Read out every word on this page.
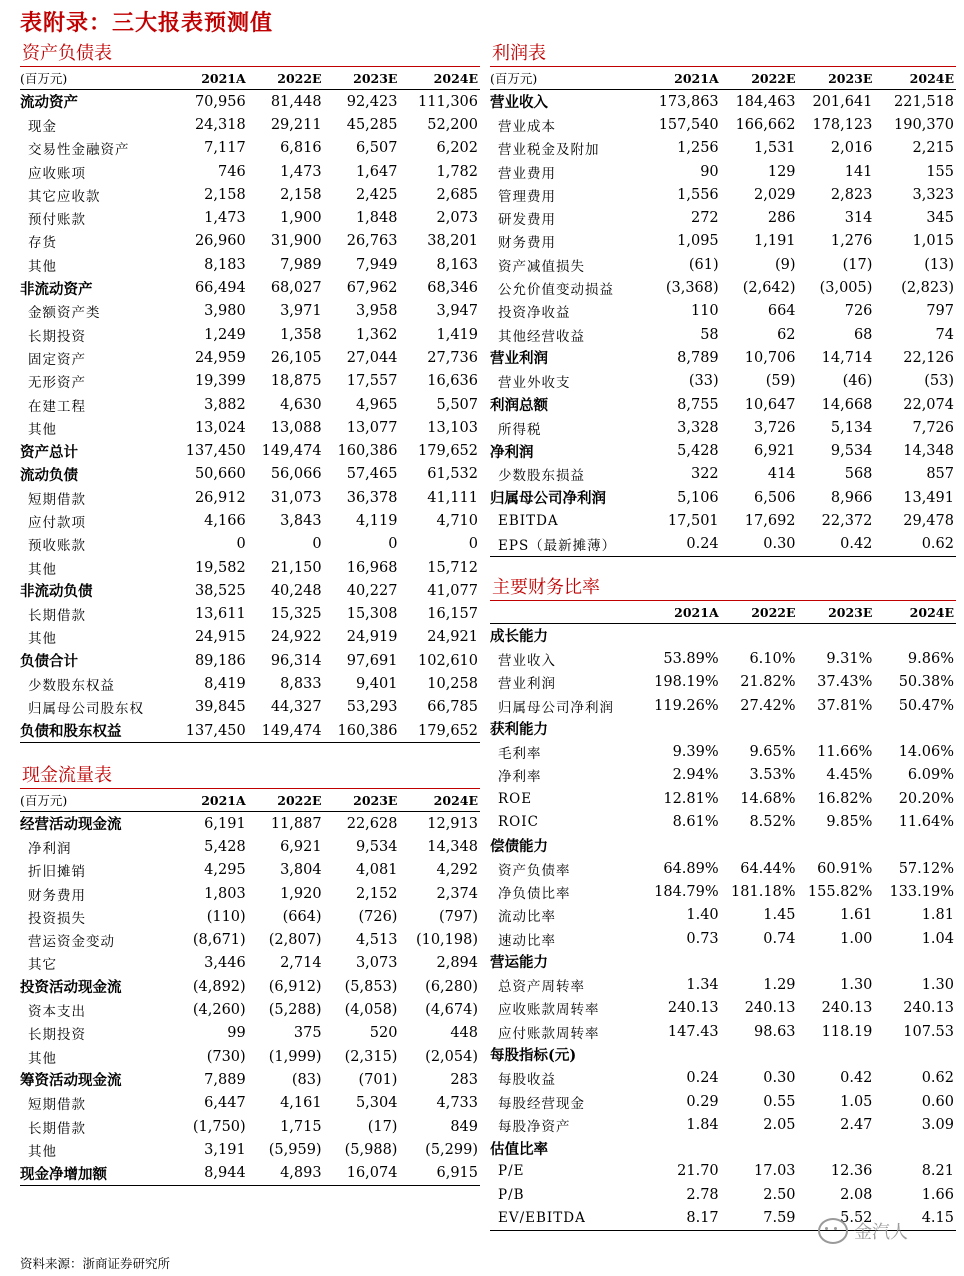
表附录：三大报表预测值
资产负债表
(百万元)	2021A	2022E	2023E	2024E
流动资产	70,956	81,448	92,423	111,306
现金	24,318	29,211	45,285	52,200
交易性金融资产	7,117	6,816	6,507	6,202
应收账项	746	1,473	1,647	1,782
其它应收款	2,158	2,158	2,425	2,685
预付账款	1,473	1,900	1,848	2,073
存货	26,960	31,900	26,763	38,201
其他	8,183	7,989	7,949	8,163
非流动资产	66,494	68,027	67,962	68,346
金额资产类	3,980	3,971	3,958	3,947
长期投资	1,249	1,358	1,362	1,419
固定资产	24,959	26,105	27,044	27,736
无形资产	19,399	18,875	17,557	16,636
在建工程	3,882	4,630	4,965	5,507
其他	13,024	13,088	13,077	13,103
资产总计	137,450	149,474	160,386	179,652
流动负债	50,660	56,066	57,465	61,532
短期借款	26,912	31,073	36,378	41,111
应付款项	4,166	3,843	4,119	4,710
预收账款	0	0	0	0
其他	19,582	21,150	16,968	15,712
非流动负债	38,525	40,248	40,227	41,077
长期借款	13,611	15,325	15,308	16,157
其他	24,915	24,922	24,919	24,921
负债合计	89,186	96,314	97,691	102,610
少数股东权益	8,419	8,833	9,401	10,258
归属母公司股东权	39,845	44,327	53,293	66,785
负债和股东权益	137,450	149,474	160,386	179,652
现金流量表
(百万元)	2021A	2022E	2023E	2024E
经营活动现金流	6,191	11,887	22,628	12,913
净利润	5,428	6,921	9,534	14,348
折旧摊销	4,295	3,804	4,081	4,292
财务费用	1,803	1,920	2,152	2,374
投资损失	(110)	(664)	(726)	(797)
营运资金变动	(8,671)	(2,807)	4,513	(10,198)
其它	3,446	2,714	3,073	2,894
投资活动现金流	(4,892)	(6,912)	(5,853)	(6,280)
资本支出	(4,260)	(5,288)	(4,058)	(4,674)
长期投资	99	375	520	448
其他	(730)	(1,999)	(2,315)	(2,054)
筹资活动现金流	7,889	(83)	(701)	283
短期借款	6,447	4,161	5,304	4,733
长期借款	(1,750)	1,715	(17)	849
其他	3,191	(5,959)	(5,988)	(5,299)
现金净增加额	8,944	4,893	16,074	6,915
利润表
(百万元)	2021A	2022E	2023E	2024E
营业收入	173,863	184,463	201,641	221,518
营业成本	157,540	166,662	178,123	190,370
营业税金及附加	1,256	1,531	2,016	2,215
营业费用	90	129	141	155
管理费用	1,556	2,029	2,823	3,323
研发费用	272	286	314	345
财务费用	1,095	1,191	1,276	1,015
资产减值损失	(61)	(9)	(17)	(13)
公允价值变动损益	(3,368)	(2,642)	(3,005)	(2,823)
投资净收益	110	664	726	797
其他经营收益	58	62	68	74
营业利润	8,789	10,706	14,714	22,126
营业外收支	(33)	(59)	(46)	(53)
利润总额	8,755	10,647	14,668	22,074
所得税	3,328	3,726	5,134	7,726
净利润	5,428	6,921	9,534	14,348
少数股东损益	322	414	568	857
归属母公司净利润	5,106	6,506	8,966	13,491
EBITDA	17,501	17,692	22,372	29,478
EPS（最新摊薄）	0.24	0.30	0.42	0.62
主要财务比率
	2021A	2022E	2023E	2024E
成长能力				
营业收入	53.89%	6.10%	9.31%	9.86%
营业利润	198.19%	21.82%	37.43%	50.38%
归属母公司净利润	119.26%	27.42%	37.81%	50.47%
获利能力				
毛利率	9.39%	9.65%	11.66%	14.06%
净利率	2.94%	3.53%	4.45%	6.09%
ROE	12.81%	14.68%	16.82%	20.20%
ROIC	8.61%	8.52%	9.85%	11.64%
偿债能力				
资产负债率	64.89%	64.44%	60.91%	57.12%
净负债比率	184.79%	181.18%	155.82%	133.19%
流动比率	1.40	1.45	1.61	1.81
速动比率	0.73	0.74	1.00	1.04
营运能力				
总资产周转率	1.34	1.29	1.30	1.30
应收账款周转率	240.13	240.13	240.13	240.13
应付账款周转率	147.43	98.63	118.19	107.53
每股指标(元)				
每股收益	0.24	0.30	0.42	0.62
每股经营现金	0.29	0.55	1.05	0.60
每股净资产	1.84	2.05	2.47	3.09
估值比率				
P/E	21.70	17.03	12.36	8.21
P/B	2.78	2.50	2.08	1.66
EV/EBITDA	8.17	7.59	5.52	4.15
资料来源：浙商证券研究所
金汽人
